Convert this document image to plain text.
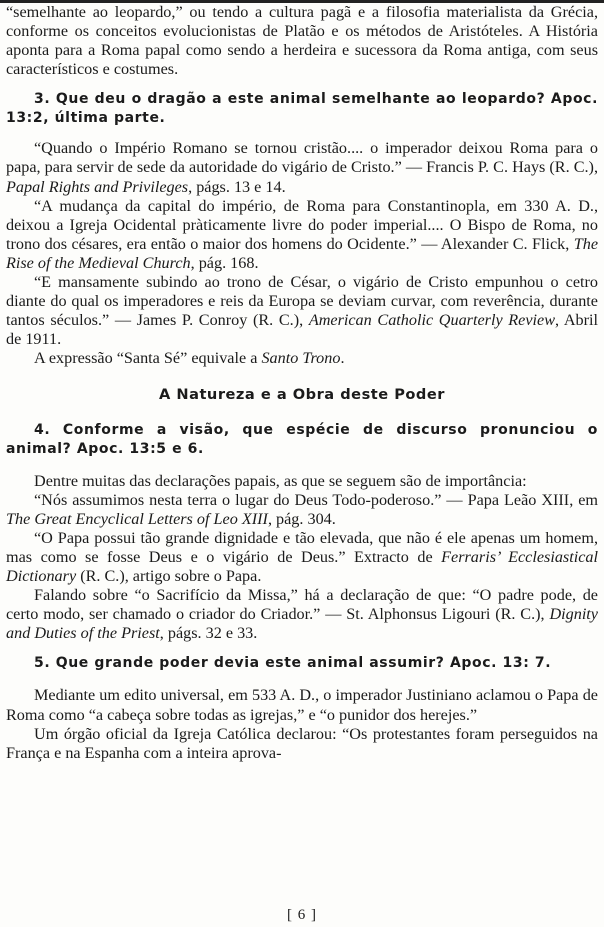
“semelhante ao leopardo,” ou tendo a cultura pagã e a filosofia materialista da Grécia, conforme os conceitos evolucionistas de Platão e os métodos de Aristóteles. A História aponta para a Roma papal como sendo a herdeira e sucessora da Roma antiga, com seus característicos e costumes.

3. Que deu o dragão a este animal semelhante ao leopardo? Apoc. 13:2, última parte.

“Quando o Império Romano se tornou cristão.... o imperador deixou Roma para o papa, para servir de sede da autoridade do vigário de Cristo.” — Francis P. C. Hays (R. C.), Papal Rights and Privileges, págs. 13 e 14.

“A mudança da capital do império, de Roma para Constantinopla, em 330 A. D., deixou a Igreja Ocidental pràticamente livre do poder imperial.... O Bispo de Roma, no trono dos césares, era então o maior dos homens do Ocidente.” — Alexander C. Flick, The Rise of the Medieval Church, pág. 168.

“E mansamente subindo ao trono de César, o vigário de Cristo empunhou o cetro diante do qual os imperadores e reis da Europa se deviam curvar, com reverência, durante tantos séculos.” — James P. Conroy (R. C.), American Catholic Quarterly Review, Abril de 1911.

A expressão “Santa Sé” equivale a Santo Trono.

A Natureza e a Obra deste Poder

4. Conforme a visão, que espécie de discurso pronunciou o animal? Apoc. 13:5 e 6.

Dentre muitas das declarações papais, as que se seguem são de importância:

“Nós assumimos nesta terra o lugar do Deus Todo-poderoso.” — Papa Leão XIII, em The Great Encyclical Letters of Leo XIII, pág. 304.

“O Papa possui tão grande dignidade e tão elevada, que não é ele apenas um homem, mas como se fosse Deus e o vigário de Deus.” Extracto de Ferraris’ Ecclesiastical Dictionary (R. C.), artigo sobre o Papa.

Falando sobre “o Sacrifício da Missa,” há a declaração de que: “O padre pode, de certo modo, ser chamado o criador do Criador.” — St. Alphonsus Ligouri (R. C.), Dignity and Duties of the Priest, págs. 32 e 33.

5. Que grande poder devia este animal assumir? Apoc. 13: 7.

Mediante um edito universal, em 533 A. D., o imperador Justiniano aclamou o Papa de Roma como “a cabeça sobre todas as igrejas,” e “o punidor dos herejes.”

Um órgão oficial da Igreja Católica declarou: “Os protestantes foram perseguidos na França e na Espanha com a inteira aprova-

[ 6 ]
